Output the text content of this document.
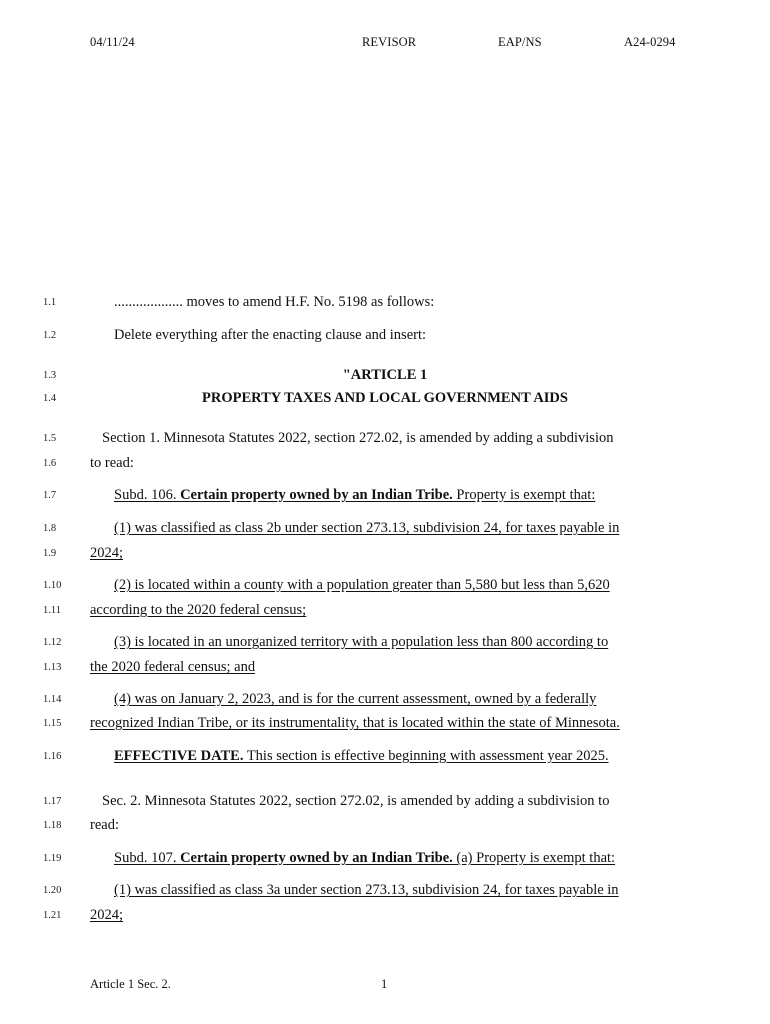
04/11/24	REVISOR	EAP/NS	A24-0294
1.1	................... moves to amend H.F. No. 5198 as follows:
1.2	Delete everything after the enacting clause and insert:
1.3	"ARTICLE 1
1.4	PROPERTY TAXES AND LOCAL GOVERNMENT AIDS
1.5	Section 1. Minnesota Statutes 2022, section 272.02, is amended by adding a subdivision
1.6 to read:
1.7	Subd. 106. Certain property owned by an Indian Tribe. Property is exempt that:
1.8	(1) was classified as class 2b under section 273.13, subdivision 24, for taxes payable in
1.9 2024;
1.10	(2) is located within a county with a population greater than 5,580 but less than 5,620
1.11 according to the 2020 federal census;
1.12	(3) is located in an unorganized territory with a population less than 800 according to
1.13 the 2020 federal census; and
1.14	(4) was on January 2, 2023, and is for the current assessment, owned by a federally
1.15 recognized Indian Tribe, or its instrumentality, that is located within the state of Minnesota.
1.16	EFFECTIVE DATE. This section is effective beginning with assessment year 2025.
1.17	Sec. 2. Minnesota Statutes 2022, section 272.02, is amended by adding a subdivision to
1.18 read:
1.19	Subd. 107. Certain property owned by an Indian Tribe. (a) Property is exempt that:
1.20	(1) was classified as class 3a under section 273.13, subdivision 24, for taxes payable in
1.21 2024;
Article 1 Sec. 2.	1
